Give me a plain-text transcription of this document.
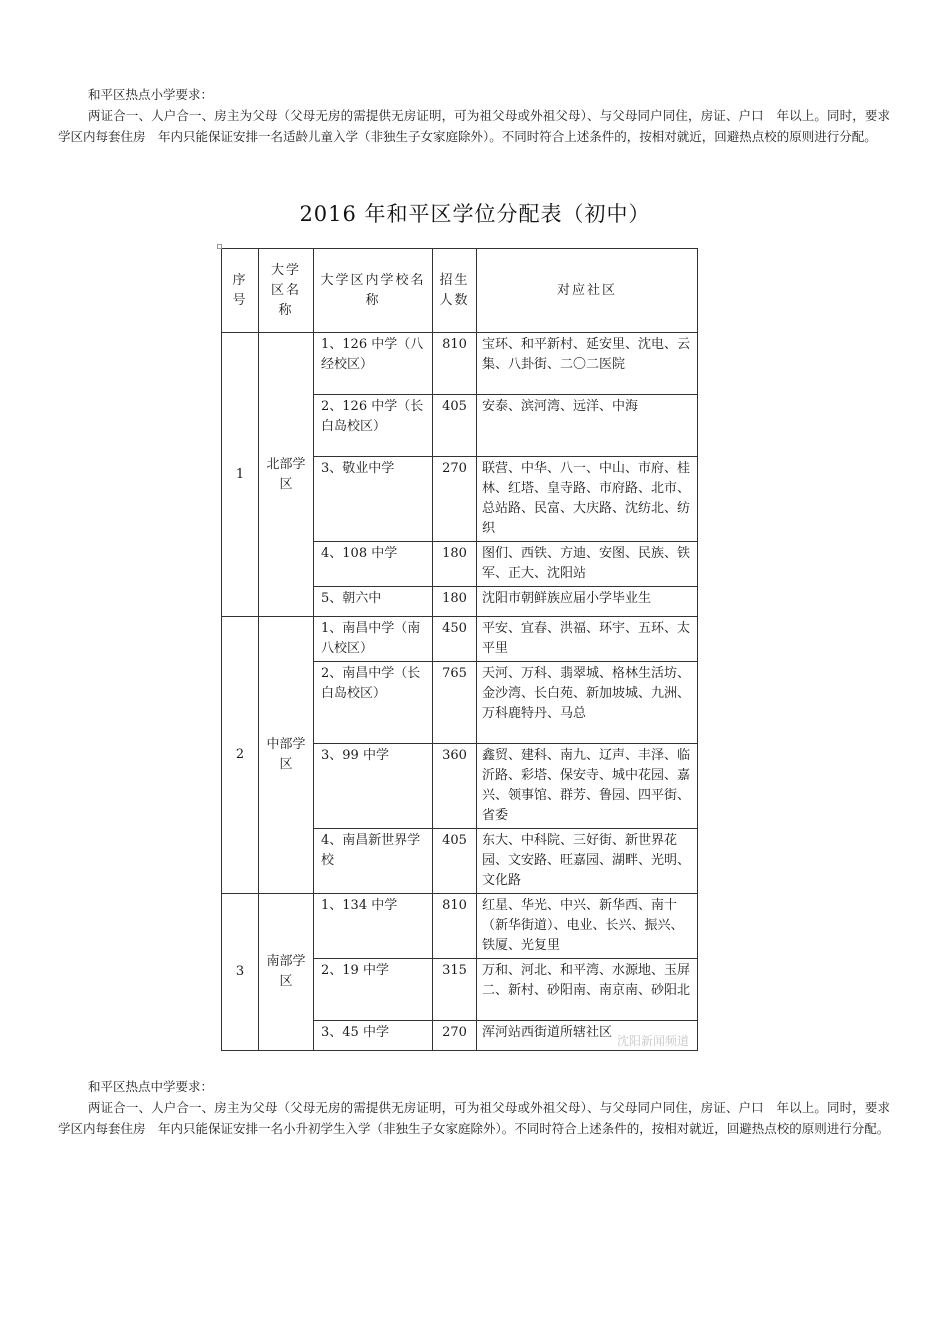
和平区热点小学要求：

两证合一、人户合一、房主为父母（父母无房的需提供无房证明，可为祖父母或外祖父母）、与父母同户同住，房证、户口　年以上。同时，要求学区内每套住房　年内只能保证安排一名适龄儿童入学（非独生子女家庭除外）。不同时符合上述条件的，按相对就近，回避热点校的原则进行分配。

2016 年和平区学位分配表（初中）
序号	大学区名称	大学区内学校名称	招生人数	对应社区
1	北部学区	1、126 中学（八经校区）	810	宝环、和平新村、延安里、沈电、云集、八卦街、二〇二医院
		2、126 中学（长白岛校区）	405	安泰、滨河湾、远洋、中海
		3、敬业中学	270	联营、中华、八一、中山、市府、桂林、红塔、皇寺路、市府路、北市、总站路、民富、大庆路、沈纺北、纺织
		4、108 中学	180	图们、西铁、方迪、安图、民族、铁军、正大、沈阳站
		5、朝六中	180	沈阳市朝鲜族应届小学毕业生
2	中部学区	1、南昌中学（南八校区）	450	平安、宜春、洪福、环宇、五环、太平里
		2、南昌中学（长白岛校区）	765	天河、万科、翡翠城、格林生活坊、金沙湾、长白苑、新加坡城、九洲、万科鹿特丹、马总
		3、99 中学	360	鑫贸、建科、南九、辽声、丰泽、临沂路、彩塔、保安寺、城中花园、嘉兴、领事馆、群芳、鲁园、四平街、省委
		4、南昌新世界学校	405	东大、中科院、三好街、新世界花园、文安路、旺嘉园、湖畔、光明、文化路
3	南部学区	1、134 中学	810	红星、华光、中兴、新华西、南十（新华街道）、电业、长兴、振兴、铁厦、光复里
		2、19 中学	315	万和、河北、和平湾、水源地、玉屏二、新村、砂阳南、南京南、砂阳北
		3、45 中学	270	浑河站西街道所辖社区
沈阳新闻频道

和平区热点中学要求：

两证合一、人户合一、房主为父母（父母无房的需提供无房证明，可为祖父母或外祖父母）、与父母同户同住，房证、户口　年以上。同时，要求学区内每套住房　年内只能保证安排一名小升初学生入学（非独生子女家庭除外）。不同时符合上述条件的，按相对就近，回避热点校的原则进行分配。
